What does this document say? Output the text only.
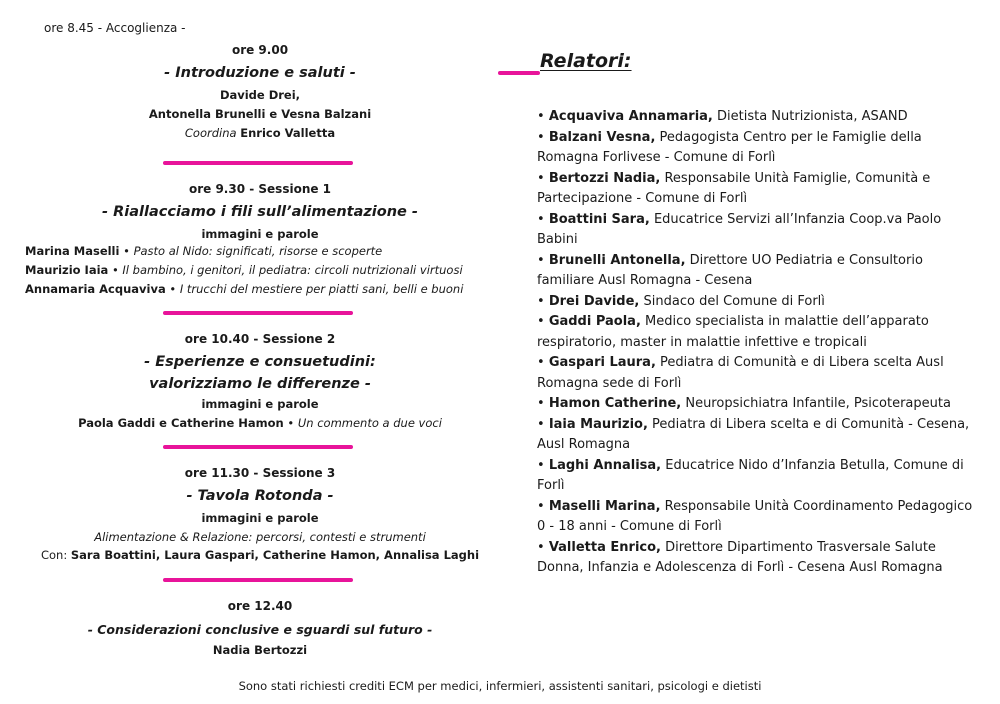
ore 8.45 - Accoglienza -
ore 9.00
- Introduzione e saluti -
Davide Drei,
Antonella Brunelli e Vesna Balzani
Coordina Enrico Valletta
ore 9.30 - Sessione 1
- Riallacciamo i fili sull’alimentazione -
immagini e parole
Marina Maselli • Pasto al Nido: significati, risorse e scoperte
Maurizio Iaia • Il bambino, i genitori, il pediatra: circoli nutrizionali virtuosi
Annamaria Acquaviva • I trucchi del mestiere per piatti sani, belli e buoni
ore 10.40 - Sessione 2
- Esperienze e consuetudini:
valorizziamo le differenze -
immagini e parole
Paola Gaddi e Catherine Hamon • Un commento a due voci
ore 11.30 - Sessione 3
- Tavola Rotonda -
immagini e parole
Alimentazione & Relazione: percorsi, contesti e strumenti
Con: Sara Boattini, Laura Gaspari, Catherine Hamon, Annalisa Laghi
ore 12.40
- Considerazioni conclusive e sguardi sul futuro -
Nadia Bertozzi
Relatori:
• Acquaviva Annamaria, Dietista Nutrizionista, ASAND
• Balzani Vesna, Pedagogista Centro per le Famiglie della Romagna Forlivese - Comune di Forlì
• Bertozzi Nadia, Responsabile Unità Famiglie, Comunità e Partecipazione - Comune di Forlì
• Boattini Sara, Educatrice Servizi all’Infanzia Coop.va Paolo Babini
• Brunelli Antonella, Direttore UO Pediatria e Consultorio familiare Ausl Romagna - Cesena
• Drei Davide, Sindaco del Comune di Forlì
• Gaddi Paola, Medico specialista in malattie dell’apparato respiratorio, master in malattie infettive e tropicali
• Gaspari Laura, Pediatra di Comunità e di Libera scelta Ausl Romagna sede di Forlì
• Hamon Catherine, Neuropsichiatra Infantile, Psicoterapeuta
• Iaia Maurizio, Pediatra di Libera scelta e di Comunità - Cesena, Ausl Romagna
• Laghi Annalisa, Educatrice Nido d’Infanzia Betulla, Comune di Forlì
• Maselli Marina, Responsabile Unità Coordinamento Pedagogico 0 - 18 anni - Comune di Forlì
• Valletta Enrico, Direttore Dipartimento Trasversale Salute Donna, Infanzia e Adolescenza di Forlì - Cesena Ausl Romagna
Sono stati richiesti crediti ECM per medici, infermieri, assistenti sanitari, psicologi e dietisti
